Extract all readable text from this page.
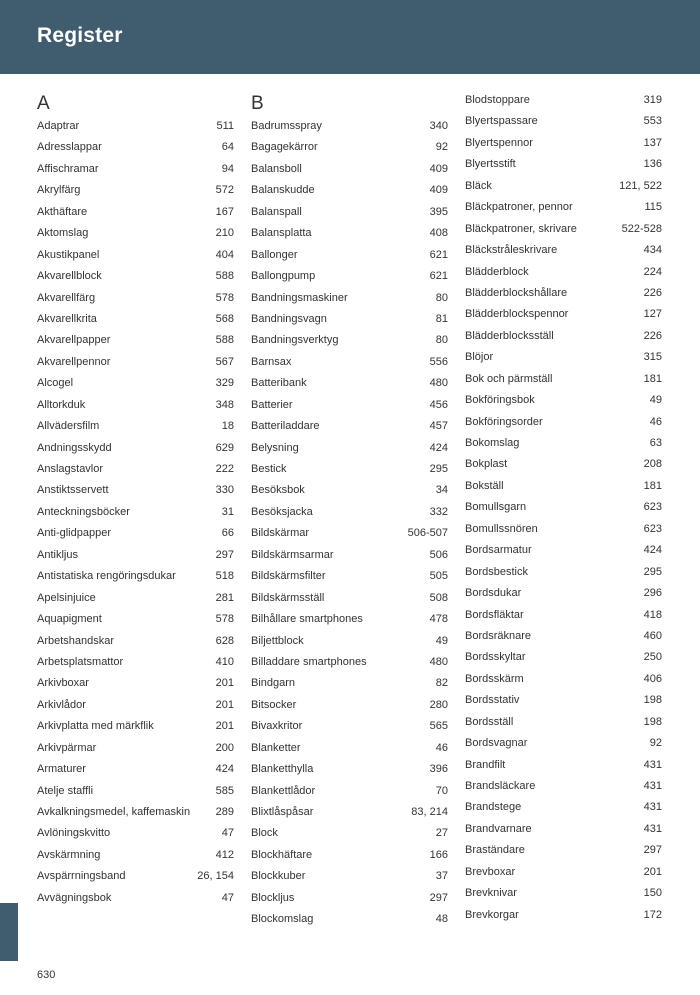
Register
A
Adaptrar	511
Adresslappar	64
Affischramar	94
Akrylfärg	572
Akthäftare	167
Aktomslag	210
Akustikpanel	404
Akvarellblock	588
Akvarellfärg	578
Akvarellkrita	568
Akvarellpapper	588
Akvarellpennor	567
Alcogel	329
Alltorkduk	348
Allvädersfilm	18
Andningsskydd	629
Anslagstavlor	222
Anstiktsservett	330
Anteckningsböcker	31
Anti-glidpapper	66
Antikljus	297
Antistatiska rengöringsdukar	518
Apelsinjuice	281
Aquapigment	578
Arbetshandskar	628
Arbetsplatsmattor	410
Arkivboxar	201
Arkivlådor	201
Arkivplatta med märkflik	201
Arkivpärmar	200
Armaturer	424
Atelje staffli	585
Avkalkningsmedel, kaffemaskin	289
Avlöningskvitto	47
Avskärmning	412
Avspärrningsband	26, 154
Avvägningsbok	47
B
Badrumsspray	340
Bagagekärror	92
Balansboll	409
Balanskudde	409
Balanspall	395
Balansplatta	408
Ballonger	621
Ballongpump	621
Bandningsmaskiner	80
Bandningsvagn	81
Bandningsverktyg	80
Barnsax	556
Batteribank	480
Batterier	456
Batteriladdare	457
Belysning	424
Bestick	295
Besöksbok	34
Besöksjacka	332
Bildskärmar	506-507
Bildskärmsarmar	506
Bildskärmsfilter	505
Bildskärmsställ	508
Bilhållare smartphones	478
Biljettblock	49
Billaddare smartphones	480
Bindgarn	82
Bitsocker	280
Bivaxkritor	565
Blanketter	46
Blanketthylla	396
Blankettlådor	70
Blixtlåspåsar	83, 214
Block	27
Blockhäftare	166
Blockkuber	37
Blockljus	297
Blockomslag	48
Blodstoppare	319
Blyertspassare	553
Blyertspennor	137
Blyertsstift	136
Bläck	121, 522
Bläckpatroner, pennor	115
Bläckpatroner, skrivare	522-528
Bläckstråleskrivare	434
Blädderblock	224
Blädderblockshållare	226
Blädderblockspennor	127
Blädderblocksställ	226
Blöjor	315
Bok och pärmställ	181
Bokföringsbok	49
Bokföringsorder	46
Bokomslag	63
Bokplast	208
Bokställ	181
Bomullsgarn	623
Bomullssnören	623
Bordsarmatur	424
Bordsbestick	295
Bordsdukar	296
Bordsfläktar	418
Bordsräknare	460
Bordsskyltar	250
Bordsskärm	406
Bordsstativ	198
Bordsställ	198
Bordsvagnar	92
Brandfilt	431
Brandsläckare	431
Brandstege	431
Brandvarnare	431
Braständare	297
Brevboxar	201
Brevknivar	150
Brevkorgar	172
630
